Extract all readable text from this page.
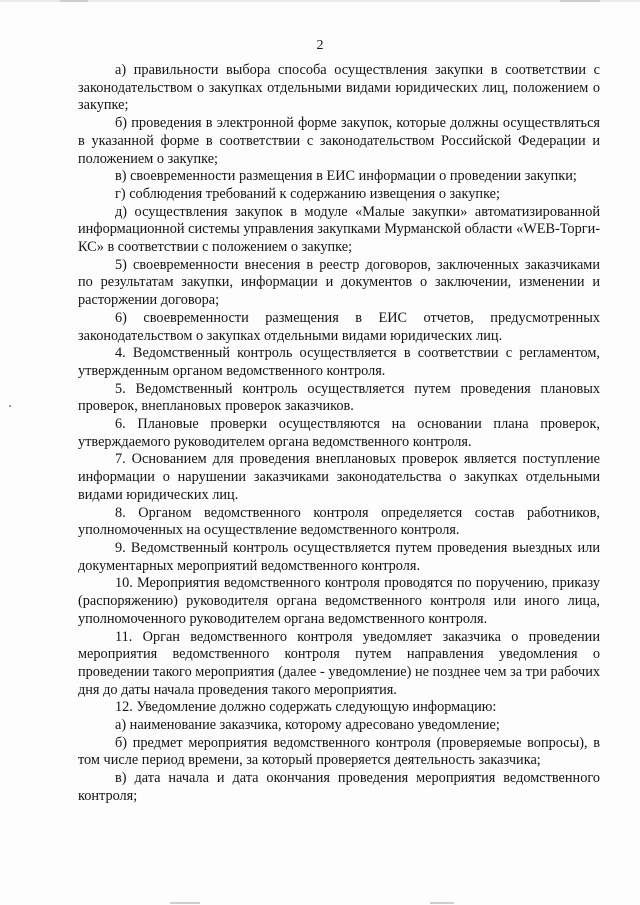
2

а) правильности выбора способа осуществления закупки в соответствии с законодательством о закупках отдельными видами юридических лиц, положением о закупке;

б) проведения в электронной форме закупок, которые должны осуществляться в указанной форме в соответствии с законодательством Российской Федерации и положением о закупке;

в) своевременности размещения в ЕИС информации о проведении закупки;

г) соблюдения требований к содержанию извещения о закупке;

д) осуществления закупок в модуле «Малые закупки» автоматизированной информационной системы управления закупками Мурманской области «WEB-Торги-КС» в соответствии с положением о закупке;

5) своевременности внесения в реестр договоров, заключенных заказчиками по результатам закупки, информации и документов о заключении, изменении и расторжении договора;

6) своевременности размещения в ЕИС отчетов, предусмотренных законодательством о закупках отдельными видами юридических лиц.

4. Ведомственный контроль осуществляется в соответствии с регламентом, утвержденным органом ведомственного контроля.

5. Ведомственный контроль осуществляется путем проведения плановых проверок, внеплановых проверок заказчиков.

6. Плановые проверки осуществляются на основании плана проверок, утверждаемого руководителем органа ведомственного контроля.

7. Основанием для проведения внеплановых проверок является поступление информации о нарушении заказчиками законодательства о закупках отдельными видами юридических лиц.

8. Органом ведомственного контроля определяется состав работников, уполномоченных на осуществление ведомственного контроля.

9. Ведомственный контроль осуществляется путем проведения выездных или документарных мероприятий ведомственного контроля.

10. Мероприятия ведомственного контроля проводятся по поручению, приказу (распоряжению) руководителя органа ведомственного контроля или иного лица, уполномоченного руководителем органа ведомственного контроля.

11. Орган ведомственного контроля уведомляет заказчика о проведении мероприятия ведомственного контроля путем направления уведомления о проведении такого мероприятия (далее - уведомление) не позднее чем за три рабочих дня до даты начала проведения такого мероприятия.

12. Уведомление должно содержать следующую информацию:

а) наименование заказчика, которому адресовано уведомление;

б) предмет мероприятия ведомственного контроля (проверяемые вопросы), в том числе период времени, за который проверяется деятельность заказчика;

в) дата начала и дата окончания проведения мероприятия ведомственного контроля;
